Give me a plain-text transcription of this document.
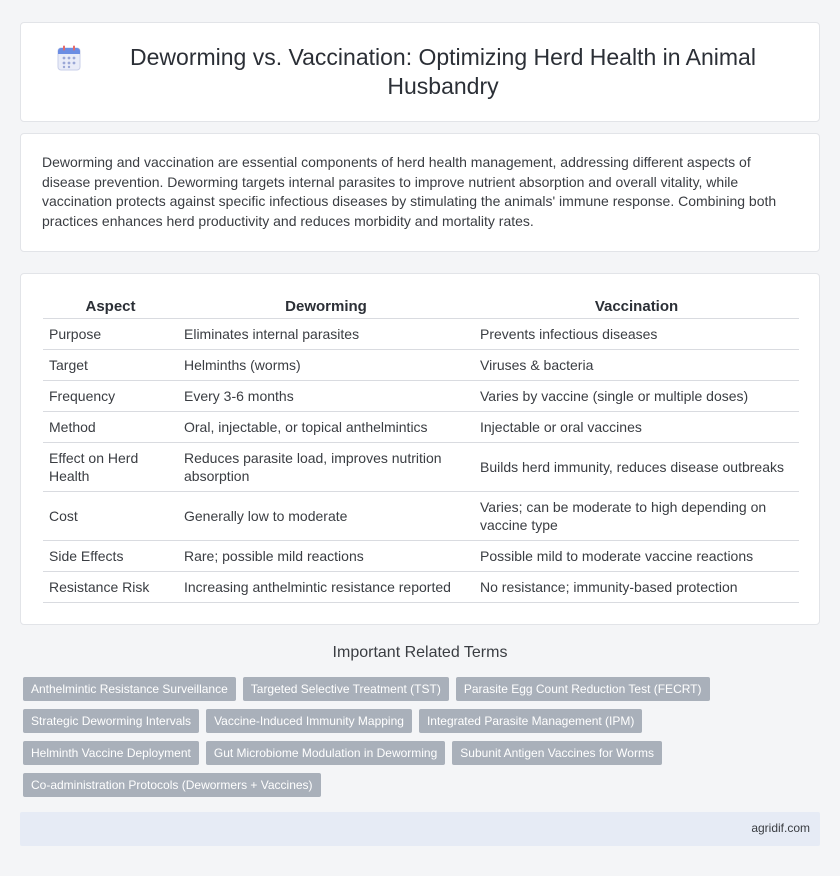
Deworming vs. Vaccination: Optimizing Herd Health in Animal Husbandry

Deworming and vaccination are essential components of herd health management, addressing different aspects of disease prevention. Deworming targets internal parasites to improve nutrient absorption and overall vitality, while vaccination protects against specific infectious diseases by stimulating the animals' immune response. Combining both practices enhances herd productivity and reduces morbidity and mortality rates.

Aspect	Deworming	Vaccination
Purpose	Eliminates internal parasites	Prevents infectious diseases
Target	Helminths (worms)	Viruses & bacteria
Frequency	Every 3-6 months	Varies by vaccine (single or multiple doses)
Method	Oral, injectable, or topical anthelmintics	Injectable or oral vaccines
Effect on Herd Health	Reduces parasite load, improves nutrition absorption	Builds herd immunity, reduces disease outbreaks
Cost	Generally low to moderate	Varies; can be moderate to high depending on vaccine type
Side Effects	Rare; possible mild reactions	Possible mild to moderate vaccine reactions
Resistance Risk	Increasing anthelmintic resistance reported	No resistance; immunity-based protection
Important Related Terms
Anthelmintic Resistance Surveillance	Targeted Selective Treatment (TST)	Parasite Egg Count Reduction Test (FECRT)
Strategic Deworming Intervals	Vaccine-Induced Immunity Mapping	Integrated Parasite Management (IPM)
Helminth Vaccine Deployment	Gut Microbiome Modulation in Deworming	Subunit Antigen Vaccines for Worms
Co-administration Protocols (Dewormers + Vaccines)
agridif.com
